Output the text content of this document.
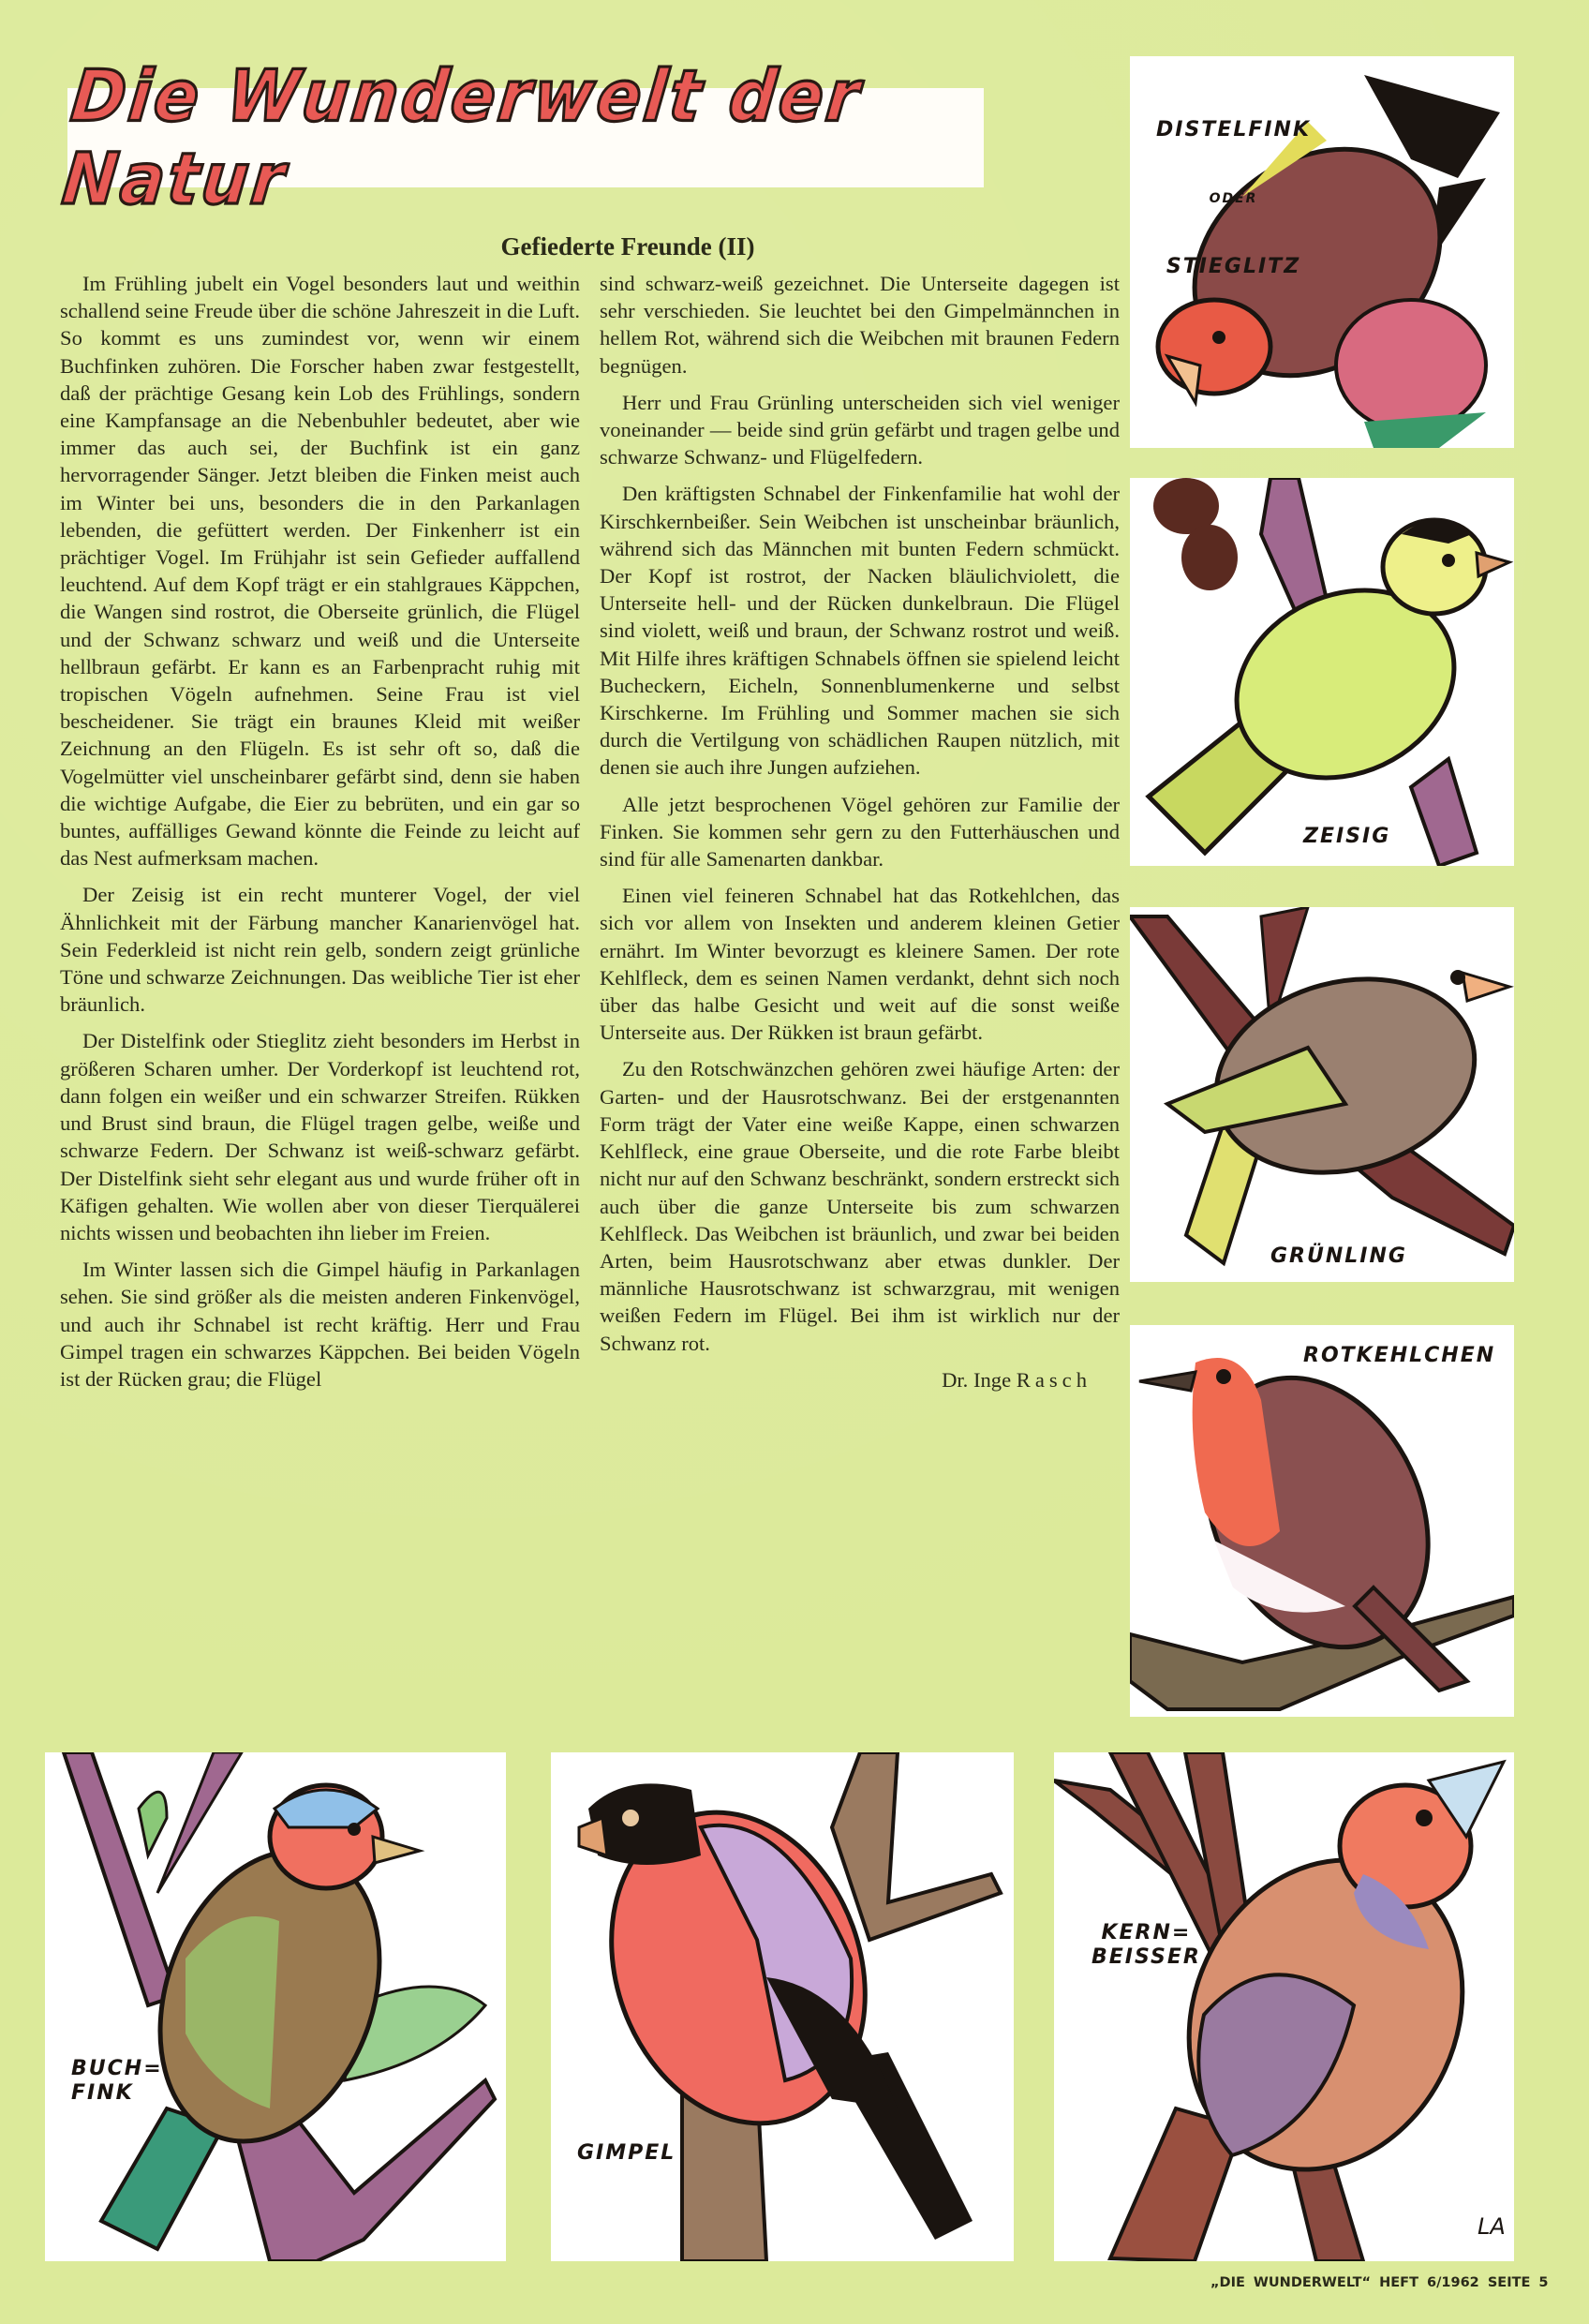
Die Wunderwelt der Natur
Gefiederte Freunde (II)

Im Frühling jubelt ein Vogel besonders laut und weithin schallend seine Freude über die schöne Jahreszeit in die Luft. So kommt es uns zumindest vor, wenn wir einem Buchfinken zuhören. Die Forscher haben zwar festgestellt, daß der prächtige Gesang kein Lob des Frühlings, sondern eine Kampfansage an die Nebenbuhler bedeutet, aber wie immer das auch sei, der Buchfink ist ein ganz hervorragender Sänger. Jetzt bleiben die Finken meist auch im Winter bei uns, besonders die in den Parkanlagen lebenden, die gefüttert werden. Der Finkenherr ist ein prächtiger Vogel. Im Frühjahr ist sein Gefieder auffallend leuchtend. Auf dem Kopf trägt er ein stahlgraues Käppchen, die Wangen sind rostrot, die Oberseite grünlich, die Flügel und der Schwanz schwarz und weiß und die Unterseite hellbraun gefärbt. Er kann es an Farbenpracht ruhig mit tropischen Vögeln aufnehmen. Seine Frau ist viel bescheidener. Sie trägt ein braunes Kleid mit weißer Zeichnung an den Flügeln. Es ist sehr oft so, daß die Vogelmütter viel unscheinbarer gefärbt sind, denn sie haben die wichtige Aufgabe, die Eier zu bebrüten, und ein gar so buntes, auffälliges Gewand könnte die Feinde zu leicht auf das Nest aufmerksam machen.

Der Zeisig ist ein recht munterer Vogel, der viel Ähnlichkeit mit der Färbung mancher Kanarienvögel hat. Sein Federkleid ist nicht rein gelb, sondern zeigt grünliche Töne und schwarze Zeichnungen. Das weibliche Tier ist eher bräunlich.

Der Distelfink oder Stieglitz zieht besonders im Herbst in größeren Scharen umher. Der Vorderkopf ist leuchtend rot, dann folgen ein weißer und ein schwarzer Streifen. Rükken und Brust sind braun, die Flügel tragen gelbe, weiße und schwarze Federn. Der Schwanz ist weiß-schwarz gefärbt. Der Distelfink sieht sehr elegant aus und wurde früher oft in Käfigen gehalten. Wie wollen aber von dieser Tierquälerei nichts wissen und beobachten ihn lieber im Freien.

Im Winter lassen sich die Gimpel häufig in Parkanlagen sehen. Sie sind größer als die meisten anderen Finkenvögel, und auch ihr Schnabel ist recht kräftig. Herr und Frau Gimpel tragen ein schwarzes Käppchen. Bei beiden Vögeln ist der Rücken grau; die Flügel

sind schwarz-weiß gezeichnet. Die Unterseite dagegen ist sehr verschieden. Sie leuchtet bei den Gimpelmännchen in hellem Rot, während sich die Weibchen mit braunen Federn begnügen.

Herr und Frau Grünling unterscheiden sich viel weniger voneinander — beide sind grün gefärbt und tragen gelbe und schwarze Schwanz- und Flügelfedern.

Den kräftigsten Schnabel der Finkenfamilie hat wohl der Kirschkernbeißer. Sein Weibchen ist unscheinbar bräunlich, während sich das Männchen mit bunten Federn schmückt. Der Kopf ist rostrot, der Nacken bläulichviolett, die Unterseite hell- und der Rücken dunkelbraun. Die Flügel sind violett, weiß und braun, der Schwanz rostrot und weiß. Mit Hilfe ihres kräftigen Schnabels öffnen sie spielend leicht Bucheckern, Eicheln, Sonnenblumenkerne und selbst Kirschkerne. Im Frühling und Sommer machen sie sich durch die Vertilgung von schädlichen Raupen nützlich, mit denen sie auch ihre Jungen aufziehen.

Alle jetzt besprochenen Vögel gehören zur Familie der Finken. Sie kommen sehr gern zu den Futterhäuschen und sind für alle Samenarten dankbar.

Einen viel feineren Schnabel hat das Rotkehlchen, das sich vor allem von Insekten und anderem kleinen Getier ernährt. Im Winter bevorzugt es kleinere Samen. Der rote Kehlfleck, dem es seinen Namen verdankt, dehnt sich noch über das halbe Gesicht und weit auf die sonst weiße Unterseite aus. Der Rükken ist braun gefärbt.

Zu den Rotschwänzchen gehören zwei häufige Arten: der Garten- und der Hausrotschwanz. Bei der erstgenannten Form trägt der Vater eine weiße Kappe, einen schwarzen Kehlfleck, eine graue Oberseite, und die rote Farbe bleibt nicht nur auf den Schwanz beschränkt, sondern erstreckt sich auch über die ganze Unterseite bis zum schwarzen Kehlfleck. Das Weibchen ist bräunlich, und zwar bei beiden Arten, beim Hausrotschwanz aber etwas dunkler. Der männliche Hausrotschwanz ist schwarzgrau, mit wenigen weißen Federn im Flügel. Bei ihm ist wirklich nur der Schwanz rot.

Dr. Inge Rasch

DISTELFINK

ODER

STIEGLITZ

ZEISIG
GRÜNLING
ROTKEHLCHEN
BUCH=
FINK
GIMPEL
KERN=
BEISSER
LA
„DIE WUNDERWELT“ HEFT 6/1962 SEITE 5
